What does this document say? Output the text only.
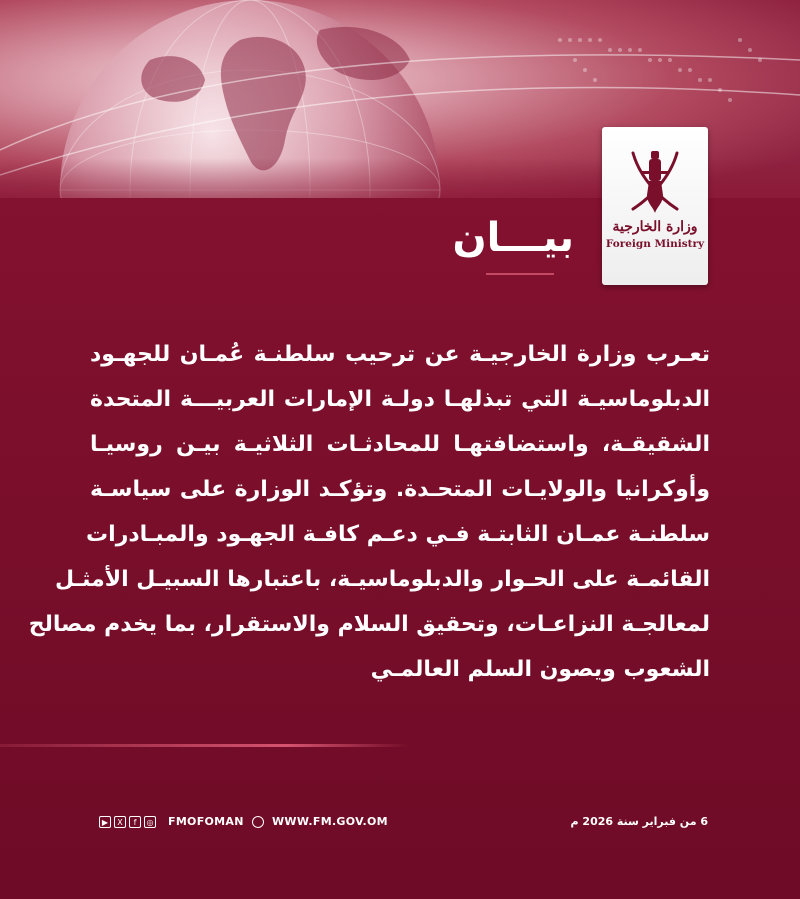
وزارة الخارجية
Foreign Ministry
بيـــان
تعـرب وزارة الخارجيـة عن ترحيب سلطنـة عُمـان للجهـود
الدبلوماسيـة التي تبذلهـا دولـة الإمارات العربيـــة المتحدة
الشقيقـة، واستضافتهـا للمحادثـات الثلاثيـة بيـن روسيـا
وأوكرانيا والولايـات المتحـدة. وتؤكـد الوزارة على سياسـة
سلطنـة عمـان الثابتـة فـي دعـم كافـة الجهـود والمبـادرات
القائمـة على الحـوار والدبلوماسيـة، باعتبارها السبيـل الأمثـل
لمعالجـة النزاعـات، وتحقيق السلام والاستقرار، بما يخدم مصالح
الشعوب ويصون السلم العالمـي
▶	X	f	◎ FMOFOMAN	WWW.FM.GOV.OM	6 من فبراير سنة 2026 م
